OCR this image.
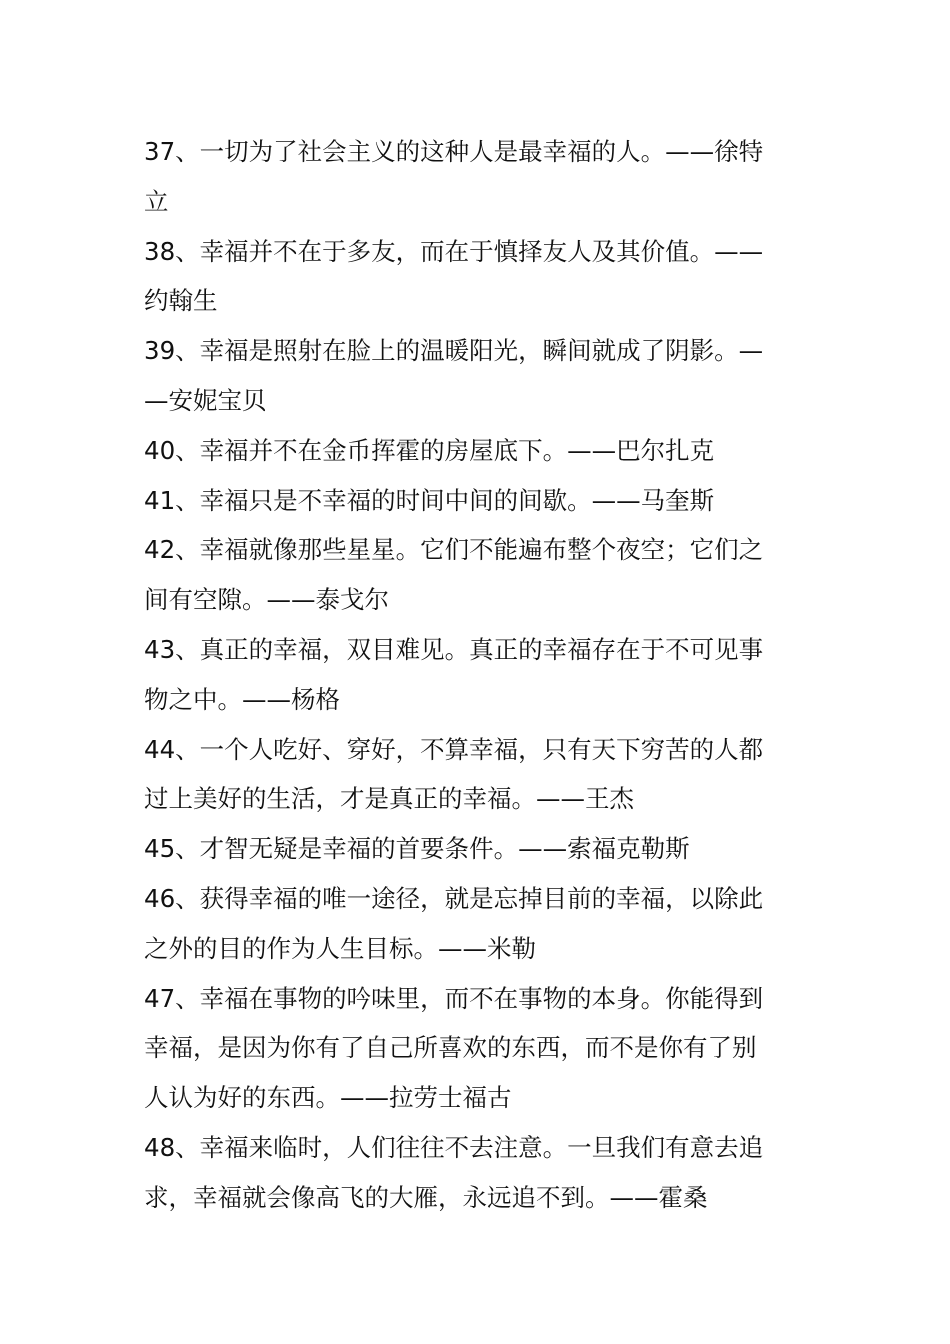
37、一切为了社会主义的这种人是最幸福的人。——徐特
立

38、幸福并不在于多友，而在于慎择友人及其价值。——
约翰生

39、幸福是照射在脸上的温暖阳光，瞬间就成了阴影。—
—安妮宝贝

40、幸福并不在金币挥霍的房屋底下。——巴尔扎克

41、幸福只是不幸福的时间中间的间歇。——马奎斯

42、幸福就像那些星星。它们不能遍布整个夜空；它们之
间有空隙。——泰戈尔

43、真正的幸福，双目难见。真正的幸福存在于不可见事
物之中。——杨格

44、一个人吃好、穿好，不算幸福，只有天下穷苦的人都
过上美好的生活，才是真正的幸福。——王杰

45、才智无疑是幸福的首要条件。——索福克勒斯

46、获得幸福的唯一途径，就是忘掉目前的幸福，以除此
之外的目的作为人生目标。——米勒

47、幸福在事物的吟味里，而不在事物的本身。你能得到
幸福，是因为你有了自己所喜欢的东西，而不是你有了别
人认为好的东西。——拉劳士福古

48、幸福来临时，人们往往不去注意。一旦我们有意去追
求，幸福就会像高飞的大雁，永远追不到。——霍桑
